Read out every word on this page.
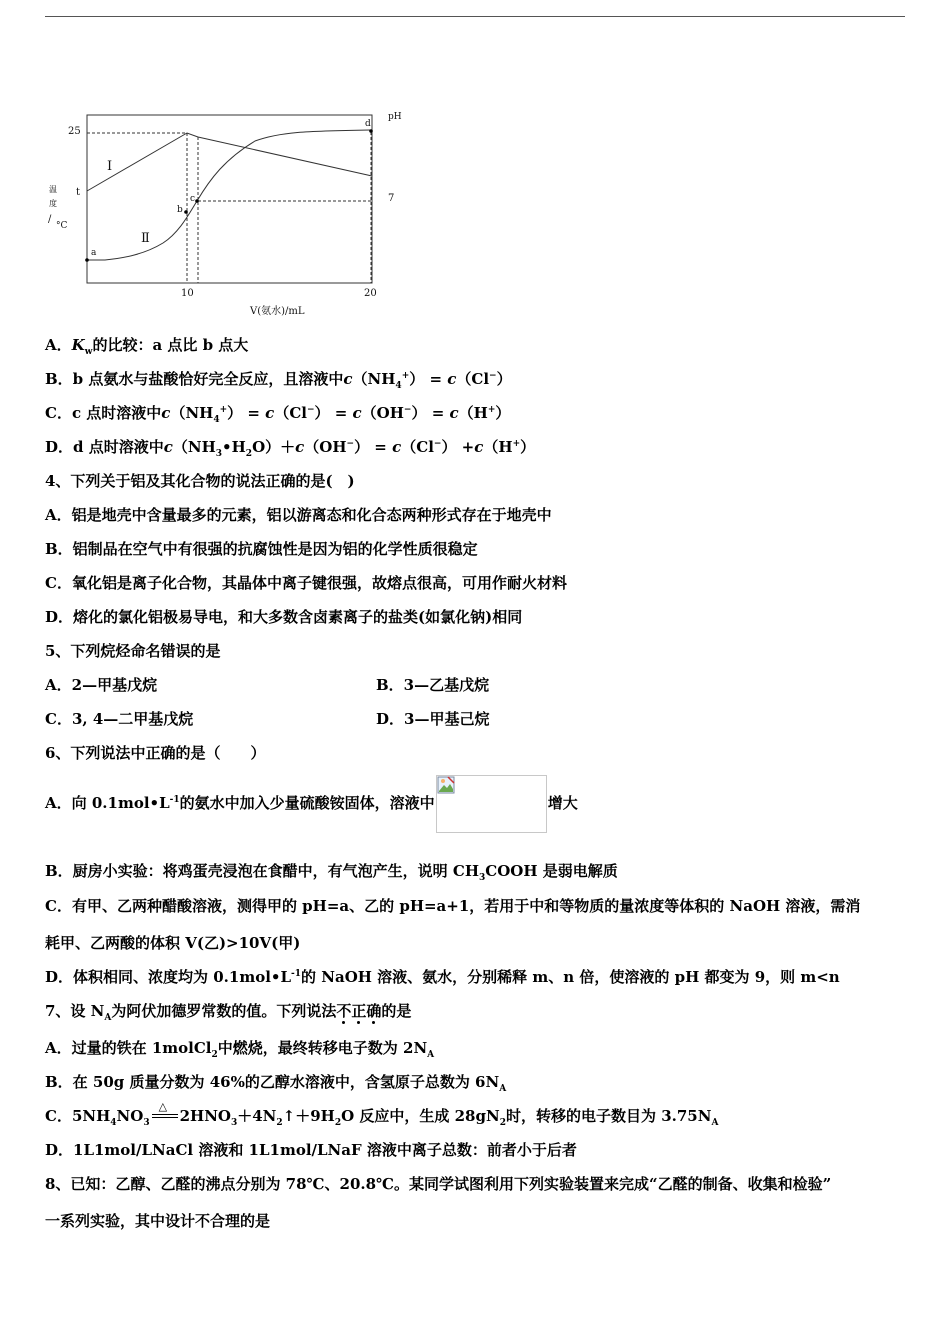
25
t
温
度
/
°C
pH
7
10	20
V(氨水)/mL
Ⅰ
Ⅱ
a
b
c
d
A．$K_w$的比较：a 点比 b 点大
B．b 点氨水与盐酸恰好完全反应，且溶液中$c(NH_4^+) = c(Cl^-)$
C．c 点时溶液中$c(NH_4^+) = c(Cl^-) = c(OH^-) = c(H^+)$
D．d 点时溶液中$c(NH_3•H_2O)+c(OH^-) = c(Cl^-) +c(H^+)$
4、下列关于铝及其化合物的说法正确的是(　)
A．铝是地壳中含量最多的元素，铝以游离态和化合态两种形式存在于地壳中
B．铝制品在空气中有很强的抗腐蚀性是因为铝的化学性质很稳定
C．氧化铝是离子化合物，其晶体中离子键很强，故熔点很高，可用作耐火材料
D．熔化的氯化铝极易导电，和大多数含卤素离子的盐类(如氯化钠)相同
5、下列烷烃命名错误的是
A．2—甲基戊烷	B．3—乙基戊烷
C．3, 4—二甲基戊烷	D．3—甲基己烷
6、下列说法中正确的是（　　）
A．向 $0.1mol•L^{-1}$的氨水中加入少量硫酸铵固体，溶液中	增大
B．厨房小实验：将鸡蛋壳浸泡在食醋中，有气泡产生，说明 $CH_3COOH$ 是弱电解质
C．有甲、乙两种醋酸溶液，测得甲的 pH=a、乙的 pH=a+1，若用于中和等物质的量浓度等体积的 NaOH 溶液，需消
耗甲、乙两酸的体积 V(乙)>10V(甲)
D．体积相同、浓度均为 $0.1mol•L^{-1}$的 NaOH 溶液、氨水，分别稀释 m、n 倍，使溶液的 pH 都变为 9，则 m<n
7、设 $N_A$为阿伏加德罗常数的值。下列说法不正确的是
A．过量的铁在 1molCl$_2$中燃烧，最终转移电子数为 $2N_A$
B．在 50g 质量分数为 46%的乙醇水溶液中，含氢原子总数为 $6N_A$
C．$5NH_4NO_3$
△
$2HNO_3+4N_2↑+9H_2O$ 反应中，生成 $28gN_2$时，转移的电子数目为 $3.75N_A$
D．1L1mol/LNaCl 溶液和 1L1mol/LNaF 溶液中离子总数：前者小于后者
8、已知：乙醇、乙醛的沸点分别为 78℃、20.8℃。某同学试图利用下列实验装置来完成“乙醛的制备、收集和检验”
一系列实验，其中设计不合理的是
